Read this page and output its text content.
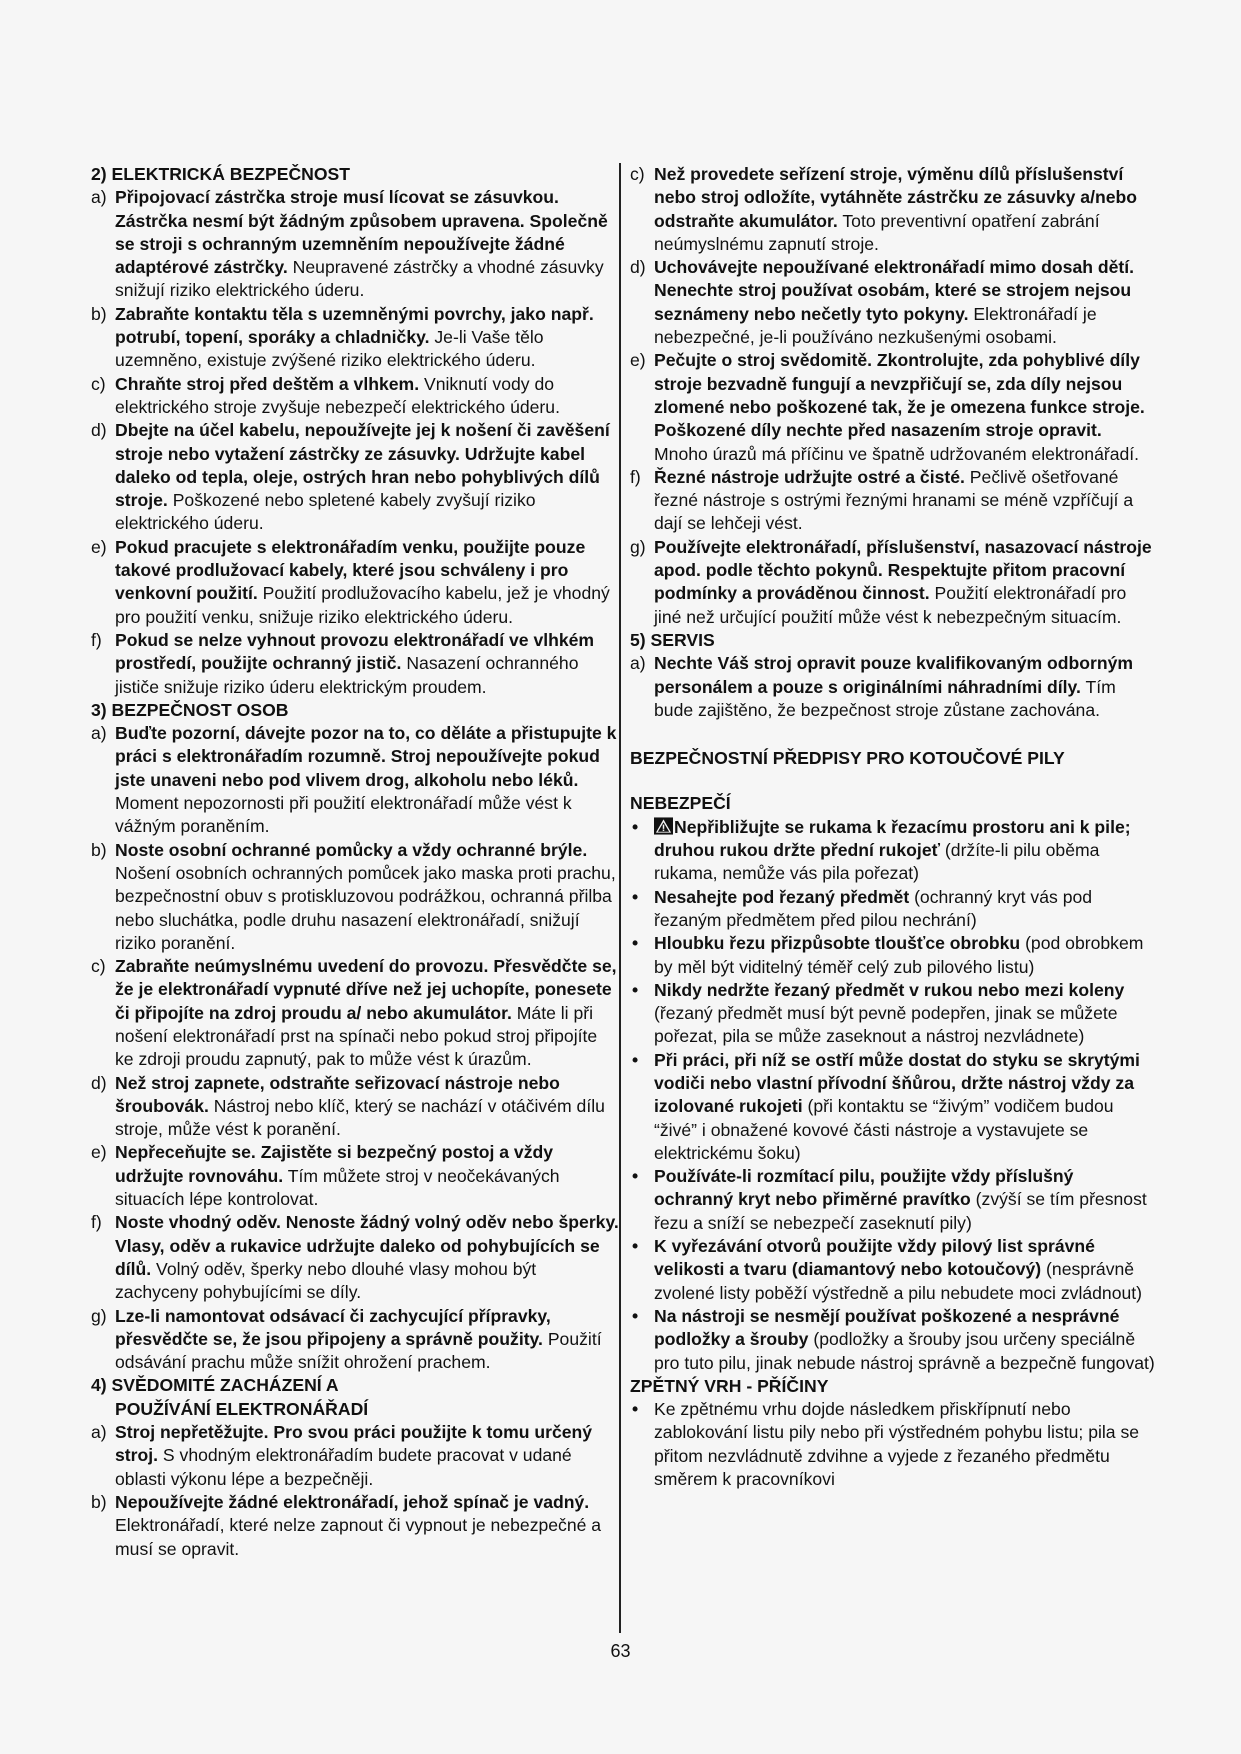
2) ELEKTRICKÁ BEZPEČNOST
a) Připojovací zástrčka stroje musí lícovat se zásuvkou. Zástrčka nesmí být žádným způsobem upravena. Společně se stroji s ochranným uzemněním nepoužívejte žádné adaptérové zástrčky. Neupravené zástrčky a vhodné zásuvky snižují riziko elektrického úderu.
b) Zabraňte kontaktu těla s uzemněnými povrchy, jako např. potrubí, topení, sporáky a chladničky. Je-li Vaše tělo uzemněno, existuje zvýšené riziko elektrického úderu.
c) Chraňte stroj před deštěm a vlhkem. Vniknutí vody do elektrického stroje zvyšuje nebezpečí elektrického úderu.
d) Dbejte na účel kabelu, nepoužívejte jej k nošení či zavěšení stroje nebo vytažení zástrčky ze zásuvky. Udržujte kabel daleko od tepla, oleje, ostrých hran nebo pohyblivých dílů stroje. Poškozené nebo spletené kabely zvyšují riziko elektrického úderu.
e) Pokud pracujete s elektronářadím venku, použijte pouze takové prodlužovací kabely, které jsou schváleny i pro venkovní použití. Použití prodlužovacího kabelu, jež je vhodný pro použití venku, snižuje riziko elektrického úderu.
f) Pokud se nelze vyhnout provozu elektronářadí ve vlhkém prostředí, použijte ochranný jistič. Nasazení ochranného jističe snižuje riziko úderu elektrickým proudem.
3) BEZPEČNOST OSOB
a) Buďte pozorní, dávejte pozor na to, co děláte a přistupujte k práci s elektronářadím rozumně. Stroj nepoužívejte pokud jste unaveni nebo pod vlivem drog, alkoholu nebo léků. Moment nepozornosti při použití elektronářadí může vést k vážným poraněním.
b) Noste osobní ochranné pomůcky a vždy ochranné brýle. Nošení osobních ochranných pomůcek jako maska proti prachu, bezpečnostní obuv s protiskluzovou podrážkou, ochranná přilba nebo sluchátka, podle druhu nasazení elektronářadí, snižují riziko poranění.
c) Zabraňte neúmyslnému uvedení do provozu. Přesvědčte se, že je elektronářadí vypnuté dříve než jej uchopíte, ponesete či připojíte na zdroj proudu a/ nebo akumulátor. Máte li při nošení elektronářadí prst na spínači nebo pokud stroj připojíte ke zdroji proudu zapnutý, pak to může vést k úrazům.
d) Než stroj zapnete, odstraňte seřizovací nástroje nebo šroubovák. Nástroj nebo klíč, který se nachází v otáčivém dílu stroje, může vést k poranění.
e) Nepřeceňujte se. Zajistěte si bezpečný postoj a vždy udržujte rovnováhu. Tím můžete stroj v neočekávaných situacích lépe kontrolovat.
f) Noste vhodný oděv. Nenoste žádný volný oděv nebo šperky. Vlasy, oděv a rukavice udržujte daleko od pohybujících se dílů. Volný oděv, šperky nebo dlouhé vlasy mohou být zachyceny pohybujícími se díly.
g) Lze-li namontovat odsávací či zachycující přípravky, přesvědčte se, že jsou připojeny a správně použity. Použití odsávání prachu může snížit ohrožení prachem.
4) SVĚDOMITÉ ZACHÁZENÍ A
POUŽÍVÁNÍ ELEKTRONÁŘADÍ
a) Stroj nepřetěžujte. Pro svou práci použijte k tomu určený stroj. S vhodným elektronářadím budete pracovat v udané oblasti výkonu lépe a bezpečněji.
b) Nepoužívejte žádné elektronářadí, jehož spínač je vadný. Elektronářadí, které nelze zapnout či vypnout je nebezpečné a musí se opravit.
c) Než provedete seřízení stroje, výměnu dílů příslušenství nebo stroj odložíte, vytáhněte zástrčku ze zásuvky a/nebo odstraňte akumulátor. Toto preventivní opatření zabrání neúmyslnému zapnutí stroje.
d) Uchovávejte nepoužívané elektronářadí mimo dosah dětí. Nenechte stroj používat osobám, které se strojem nejsou seznámeny nebo nečetly tyto pokyny. Elektronářadí je nebezpečné, je-li používáno nezkušenými osobami.
e) Pečujte o stroj svědomitě. Zkontrolujte, zda pohyblivé díly stroje bezvadně fungují a nevzpřičují se, zda díly nejsou zlomené nebo poškozené tak, že je omezena funkce stroje. Poškozené díly nechte před nasazením stroje opravit. Mnoho úrazů má příčinu ve špatně udržovaném elektronářadí.
f) Řezné nástroje udržujte ostré a čisté. Pečlivě ošetřované řezné nástroje s ostrými řeznými hranami se méně vzpříčují a dají se lehčeji vést.
g) Používejte elektronářadí, příslušenství, nasazovací nástroje apod. podle těchto pokynů. Respektujte přitom pracovní podmínky a prováděnou činnost. Použití elektronářadí pro jiné než určující použití může vést k nebezpečným situacím.
5) SERVIS
a) Nechte Váš stroj opravit pouze kvalifikovaným odborným personálem a pouze s originálními náhradními díly. Tím bude zajištěno, že bezpečnost stroje zůstane zachována.
BEZPEČNOSTNÍ PŘEDPISY PRO KOTOUČOVÉ PILY
NEBEZPEČÍ
• Nepřibližujte se rukama k řezacímu prostoru ani k pile; druhou rukou držte přední rukojeť (držíte-li pilu oběma rukama, nemůže vás pila pořezat)
• Nesahejte pod řezaný předmět (ochranný kryt vás pod řezaným předmětem před pilou nechrání)
• Hloubku řezu přizpůsobte tloušťce obrobku (pod obrobkem by měl být viditelný téměř celý zub pilového listu)
• Nikdy nedržte řezaný předmět v rukou nebo mezi koleny (řezaný předmět musí být pevně podepřen, jinak se můžete pořezat, pila se může zaseknout a nástroj nezvládnete)
• Při práci, při níž se ostří může dostat do styku se skrytými vodiči nebo vlastní přívodní šňůrou, držte nástroj vždy za izolované rukojeti (při kontaktu se “živým” vodičem budou “živé” i obnažené kovové části nástroje a vystavujete se elektrickému šoku)
• Používáte-li rozmítací pilu, použijte vždy příslušný ochranný kryt nebo přiměrné pravítko (zvýší se tím přesnost řezu a sníží se nebezpečí zaseknutí pily)
• K vyřezávání otvorů použijte vždy pilový list správné velikosti a tvaru (diamantový nebo kotoučový) (nesprávně zvolené listy poběží výstředně a pilu nebudete moci zvládnout)
• Na nástroji se nesmějí používat poškozené a nesprávné podložky a šrouby (podložky a šrouby jsou určeny speciálně pro tuto pilu, jinak nebude nástroj správně a bezpečně fungovat)
ZPĚTNÝ VRH - PŘÍČINY
• Ke zpětnému vrhu dojde následkem přiskřípnutí nebo zablokování listu pily nebo při výstředném pohybu listu; pila se přitom nezvládnutě zdvihne a vyjede z řezaného předmětu směrem k pracovníkovi
63
